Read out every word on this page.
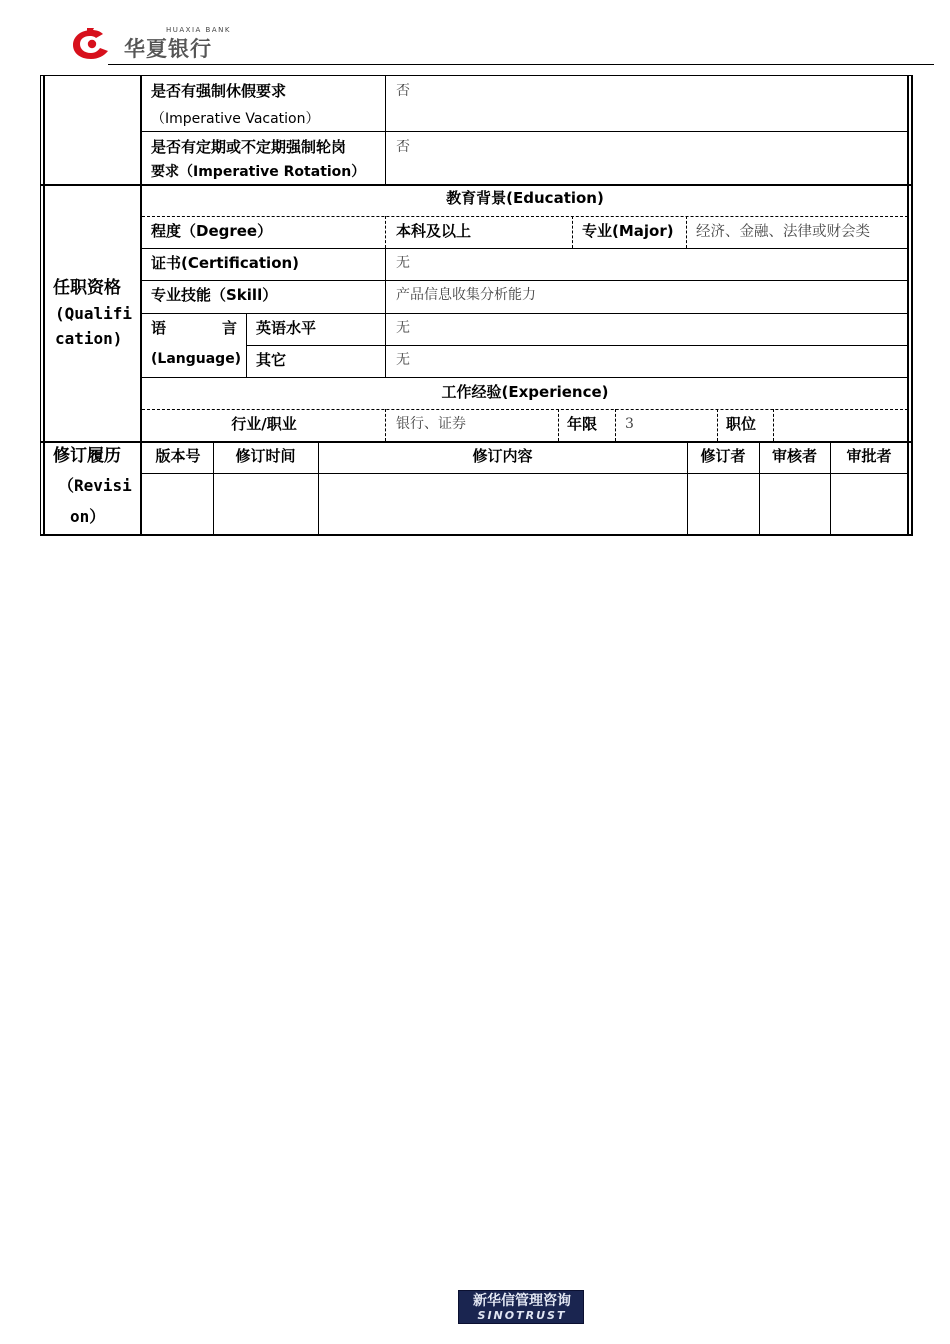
HUAXIA BANK
华夏银行
是否有强制休假要求
（Imperative Vacation）
否
是否有定期或不定期强制轮岗
要求（Imperative Rotation）
否
任职资格
(Qualifi
cation)
教育背景(Education)
程度（Degree）	本科及以上	专业(Major) 经济、金融、法律或财会类
证书(Certification)	无
专业技能（Skill）	产品信息收集分析能力
语	言
(Language)
英语水平	无
其它	无
工作经验(Experience)
行业/职业	银行、证券	年限 3	职位
修订履历
（Revisi
on）
版本号	修订时间	修订内容	修订者	审核者	审批者
新华信管理咨询
SINOTRUST
